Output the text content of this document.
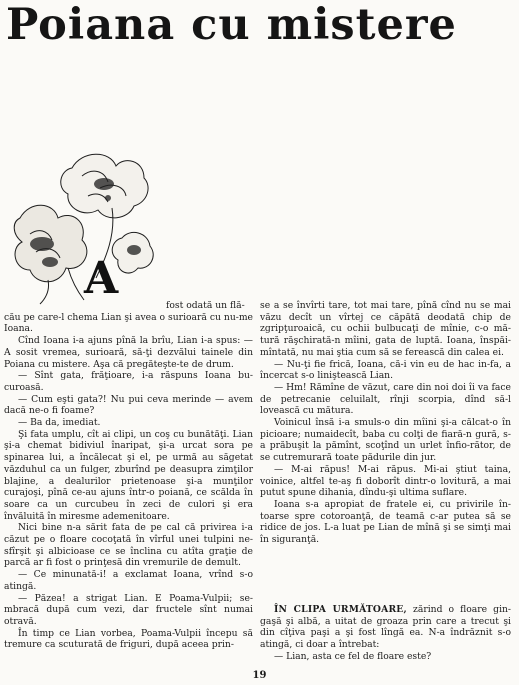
Poiana cu mistere
A

fost odată un flă-

cău pe care-l chema Lian şi avea o surioară cu nu-me Ioana.

Cînd Ioana i-a ajuns pînă la brîu, Lian i-a spus: — A sosit vremea, surioară, să-ţi dezvălui tainele din Poiana cu mistere. Aşa că pregăteşte-te de drum.

— Sînt gata, frăţioare, i-a răspuns Ioana bu-curoasă.

— Cum eşti gata?! Nu pui ceva merinde — avem dacă ne-o fi foame?

— Ba da, imediat.

Şi fata umplu, cît ai clipi, un coş cu bunătăţi. Lian şi-a chemat bidiviul înaripat, şi-a urcat sora pe spinarea lui, a încălecat şi el, pe urmă au săgetat văzduhul ca un fulger, zburînd pe deasupra zimţilor blajine, a dealurilor prietenoase şi-a munţilor curajoşi, pînă ce-au ajuns într-o poiană, ce scălda în soare ca un curcubeu în zeci de culori şi era învăluită în miresme ademenitoare.

Nici bine n-a sărit fata de pe cal că privirea i-a căzut pe o floare cocoţată în vîrful unei tulpini ne-sfîrşit şi albicioase ce se înclina cu atîta graţie de parcă ar fi fost o prinţesă din vremurile de demult.

— Ce minunată-i! a exclamat Ioana, vrînd s-o atingă.

— Păzea! a strigat Lian. E Poama-Vulpii; se-mbracă după cum vezi, dar fructele sînt numai otravă.

În timp ce Lian vorbea, Poama-Vulpii începu să tremure ca scuturată de friguri, după aceea prin-

se a se învîrti tare, tot mai tare, pînă cînd nu se mai văzu decît un vîrtej ce căpătă deodată chip de zgripţuroaică, cu ochii bulbucaţi de mînie, c-o mă-tură răşchirată-n mîini, gata de luptă. Ioana, înspăi-mîntată, nu mai ştia cum să se ferească din calea ei.

— Nu-ţi fie frică, Ioana, că-i vin eu de hac in-fa, a încercat s-o liniştească Lian.

— Hm! Rămîne de văzut, care din noi doi îi va face de petrecanie celuilalt, rînji scorpia, dînd să-l lovească cu mătura.

Voinicul însă i-a smuls-o din mîini şi-a călcat-o în picioare; numaidecît, baba cu colţi de fiară-n gură, s-a prăbuşit la pămînt, scoţînd un urlet înfio-rător, de se cutremurară toate pădurile din jur.

— M-ai răpus! M-ai răpus. Mi-ai ştiut taina, voinice, altfel te-aş fi doborît dintr-o lovitură, a mai putut spune dihania, dîndu-şi ultima suflare.

Ioana s-a apropiat de fratele ei, cu privirile în-toarse spre cotoroanţă, de teamă c-ar putea să se ridice de jos. L-a luat pe Lian de mînă şi se simţi mai în siguranţă.

ÎN CLIPA URMĂTOARE, zărind o floare gin-gaşă şi albă, a uitat de groaza prin care a trecut şi din cîţiva paşi a şi fost lîngă ea. N-a îndrăznit s-o atingă, ci doar a întrebat:

— Lian, asta ce fel de floare este?

19
